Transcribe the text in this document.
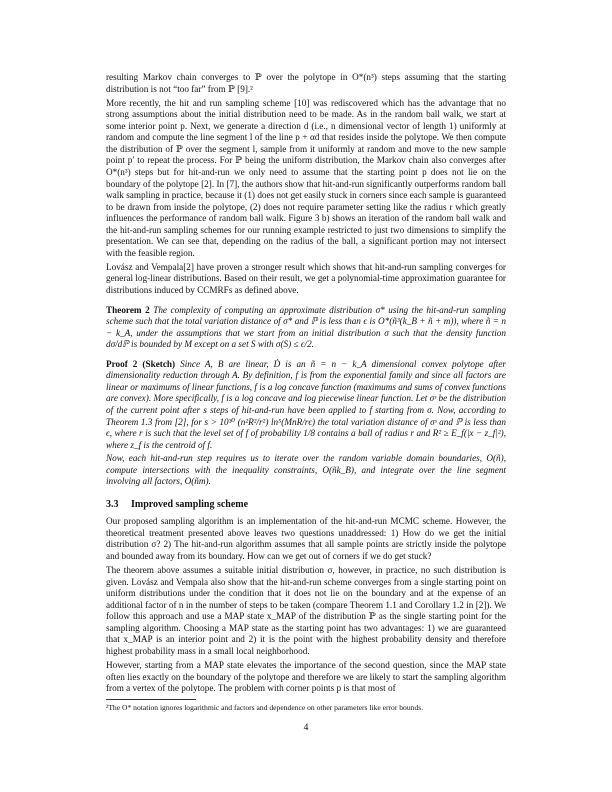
resulting Markov chain converges to ℙ over the polytope in O*(n³) steps assuming that the starting distribution is not “too far” from ℙ [9].²

More recently, the hit and run sampling scheme [10] was rediscovered which has the advantage that no strong assumptions about the initial distribution need to be made. As in the random ball walk, we start at some interior point p. Next, we generate a direction d (i.e., n dimensional vector of length 1) uniformly at random and compute the line segment l of the line p + αd that resides inside the polytope. We then compute the distribution of ℙ over the segment l, sample from it uniformly at random and move to the new sample point p′ to repeat the process. For ℙ being the uniform distribution, the Markov chain also converges after O*(n³) steps but for hit-and-run we only need to assume that the starting point p does not lie on the boundary of the polytope [2]. In [7], the authors show that hit-and-run significantly outperforms random ball walk sampling in practice, because it (1) does not get easily stuck in corners since each sample is guaranteed to be drawn from inside the polytope, (2) does not require parameter setting like the radius r which greatly influences the performance of random ball walk. Figure 3 b) shows an iteration of the random ball walk and the hit-and-run sampling schemes for our running example restricted to just two dimensions to simplify the presentation. We can see that, depending on the radius of the ball, a significant portion may not intersect with the feasible region.

Lovász and Vempala[2] have proven a stronger result which shows that hit-and-run sampling converges for general log-linear distributions. Based on their result, we get a polynomial-time approximation guarantee for distributions induced by CCMRFs as defined above.

Theorem 2 The complexity of computing an approximate distribution σ* using the hit-and-run sampling scheme such that the total variation distance of σ* and ℙ is less than ϵ is O*(ñ³(k_B + ñ + m)), where ñ = n − k_A, under the assumptions that we start from an initial distribution σ such that the density function dσ/dℙ is bounded by M except on a set S with σ(S) ≤ ϵ/2.

Proof 2 (Sketch) Since A, B are linear, Ḋ is an ñ = n − k_A dimensional convex polytope after dimensionality reduction through A. By definition, f is from the exponential family and since all factors are linear or maximums of linear functions, f is a log concave function (maximums and sums of convex functions are convex). More specifically, f is a log concave and log piecewise linear function. Let σˢ be the distribution of the current point after s steps of hit-and-run have been applied to f starting from σ. Now, according to Theorem 1.3 from [2], for s > 10³⁰ (n²R²/r²) ln⁵(MnR/rϵ) the total variation distance of σˢ and ℙ is less than ϵ, where r is such that the level set of f of probability 1/8 contains a ball of radius r and R² ≥ E_f(|x − z_f|²), where z_f is the centroid of f.

Now, each hit-and-run step requires us to iterate over the random variable domain boundaries, O(ñ), compute intersections with the inequality constraints, O(ñk_B), and integrate over the line segment involving all factors, O(ñm).

3.3 Improved sampling scheme

Our proposed sampling algorithm is an implementation of the hit-and-run MCMC scheme. However, the theoretical treatment presented above leaves two questions unaddressed: 1) How do we get the initial distribution σ? 2) The hit-and-run algorithm assumes that all sample points are strictly inside the polytope and bounded away from its boundary. How can we get out of corners if we do get stuck?

The theorem above assumes a suitable initial distribution σ, however, in practice, no such distribution is given. Lovász and Vempala also show that the hit-and-run scheme converges from a single starting point on uniform distributions under the condition that it does not lie on the boundary and at the expense of an additional factor of n in the number of steps to be taken (compare Theorem 1.1 and Corollary 1.2 in [2]). We follow this approach and use a MAP state x_MAP of the distribution ℙ as the single starting point for the sampling algorithm. Choosing a MAP state as the starting point has two advantages: 1) we are guaranteed that x_MAP is an interior point and 2) it is the point with the highest probability density and therefore highest probability mass in a small local neighborhood.

However, starting from a MAP state elevates the importance of the second question, since the MAP state often lies exactly on the boundary of the polytope and therefore we are likely to start the sampling algorithm from a vertex of the polytope. The problem with corner points p is that most of

²The O* notation ignores logarithmic and factors and dependence on other parameters like error bounds.
4
